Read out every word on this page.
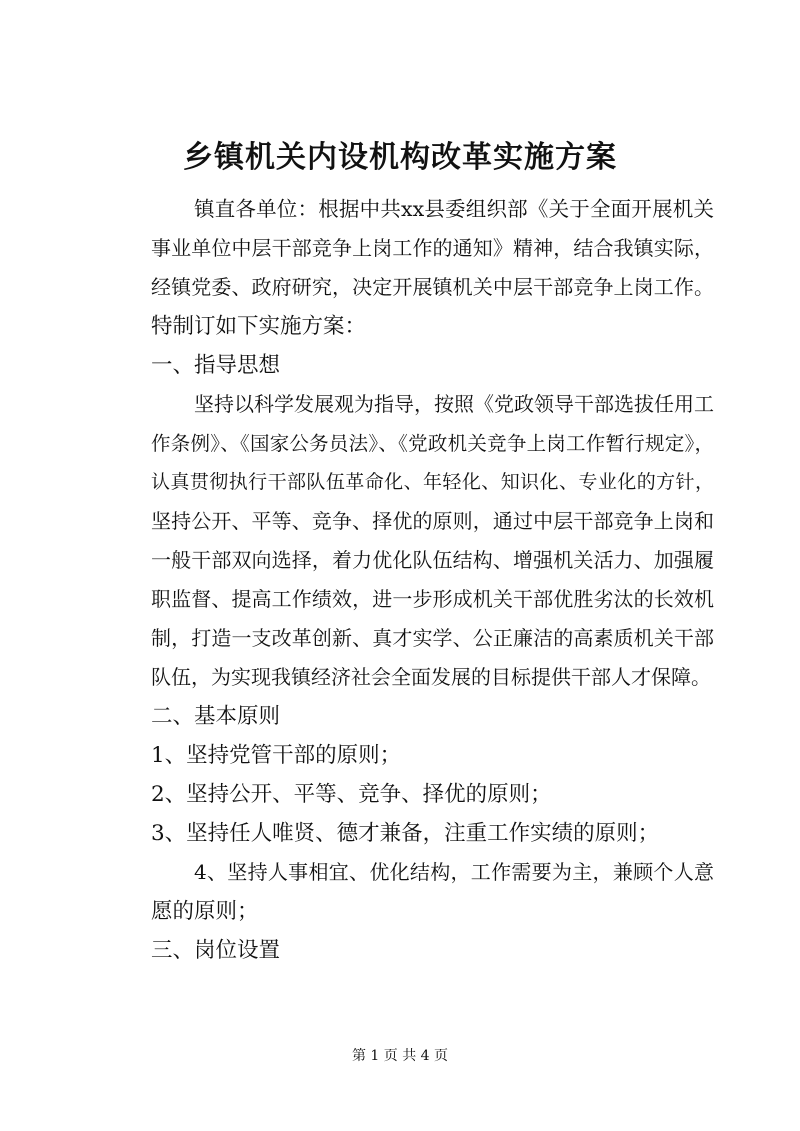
乡镇机关内设机构改革实施方案
镇直各单位：根据中共xx县委组织部《关于全面开展机关
事业单位中层干部竞争上岗工作的通知》精神，结合我镇实际，
经镇党委、政府研究，决定开展镇机关中层干部竞争上岗工作。
特制订如下实施方案：
一、指导思想
坚持以科学发展观为指导，按照《党政领导干部选拔任用工
作条例》、《国家公务员法》、《党政机关竞争上岗工作暂行规定》，
认真贯彻执行干部队伍革命化、年轻化、知识化、专业化的方针，
坚持公开、平等、竞争、择优的原则，通过中层干部竞争上岗和
一般干部双向选择，着力优化队伍结构、增强机关活力、加强履
职监督、提高工作绩效，进一步形成机关干部优胜劣汰的长效机
制，打造一支改革创新、真才实学、公正廉洁的高素质机关干部
队伍，为实现我镇经济社会全面发展的目标提供干部人才保障。
二、基本原则
1、坚持党管干部的原则；
2、坚持公开、平等、竞争、择优的原则；
3、坚持任人唯贤、德才兼备，注重工作实绩的原则；
4、坚持人事相宜、优化结构，工作需要为主，兼顾个人意
愿的原则；
三、岗位设置
第 1 页 共 4 页
